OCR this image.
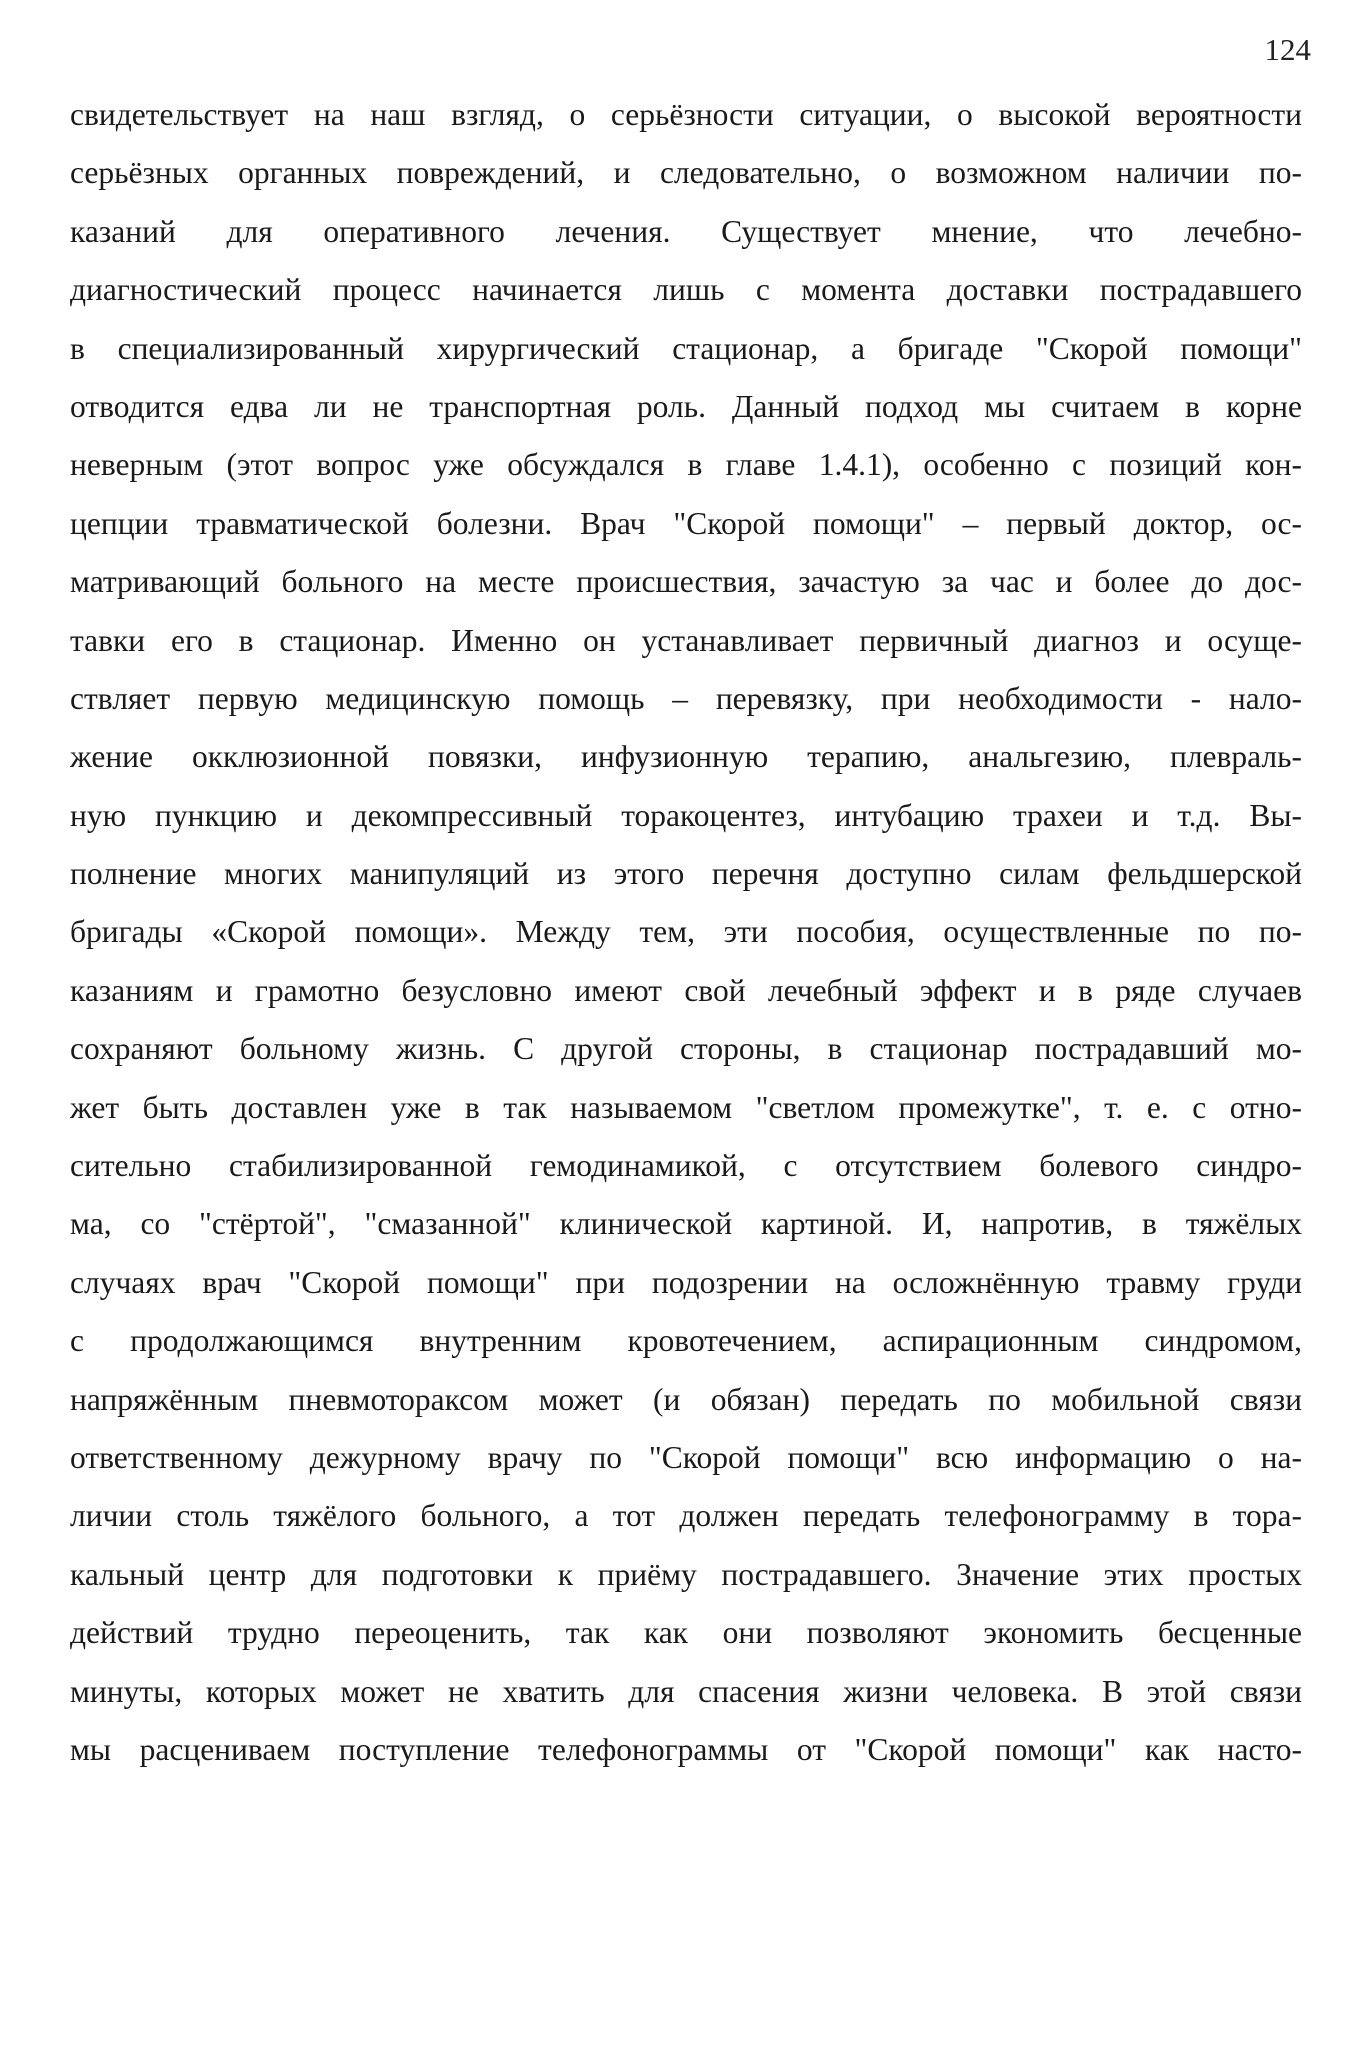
124
свидетельствует на наш взгляд, о серьёзности ситуации, о высокой вероятности
серьёзных органных повреждений, и следовательно, о возможном наличии по-
казаний для оперативного лечения. Существует мнение, что лечебно-
диагностический процесс начинается лишь с момента доставки пострадавшего
в специализированный хирургический стационар, а бригаде "Скорой помощи"
отводится едва ли не транспортная роль. Данный подход мы считаем в корне
неверным (этот вопрос уже обсуждался в главе 1.4.1), особенно с позиций кон-
цепции травматической болезни. Врач "Скорой помощи" – первый доктор, ос-
матривающий больного на месте происшествия, зачастую за час и более до дос-
тавки его в стационар. Именно он устанавливает первичный диагноз и осуще-
ствляет первую медицинскую помощь – перевязку, при необходимости - нало-
жение окклюзионной повязки, инфузионную терапию, анальгезию, плевраль-
ную пункцию и декомпрессивный торакоцентез, интубацию трахеи и т.д. Вы-
полнение многих манипуляций из этого перечня доступно силам фельдшерской
бригады «Скорой помощи». Между тем, эти пособия, осуществленные по по-
казаниям и грамотно безусловно имеют свой лечебный эффект и в ряде случаев
сохраняют больному жизнь. С другой стороны, в стационар пострадавший мо-
жет быть доставлен уже в так называемом "светлом промежутке", т. е. с отно-
сительно стабилизированной гемодинамикой, с отсутствием болевого синдро-
ма, со "стёртой", "смазанной" клинической картиной. И, напротив, в тяжёлых
случаях врач "Скорой помощи" при подозрении на осложнённую травму груди
с продолжающимся внутренним кровотечением, аспирационным синдромом,
напряжённым пневмотораксом может (и обязан) передать по мобильной связи
ответственному дежурному врачу по "Скорой помощи" всю информацию о на-
личии столь тяжёлого больного, а тот должен передать телефонограмму в тора-
кальный центр для подготовки к приёму пострадавшего. Значение этих простых
действий трудно переоценить, так как они позволяют экономить бесценные
минуты, которых может не хватить для спасения жизни человека. В этой связи
мы расцениваем поступление телефонограммы от "Скорой помощи" как насто-
